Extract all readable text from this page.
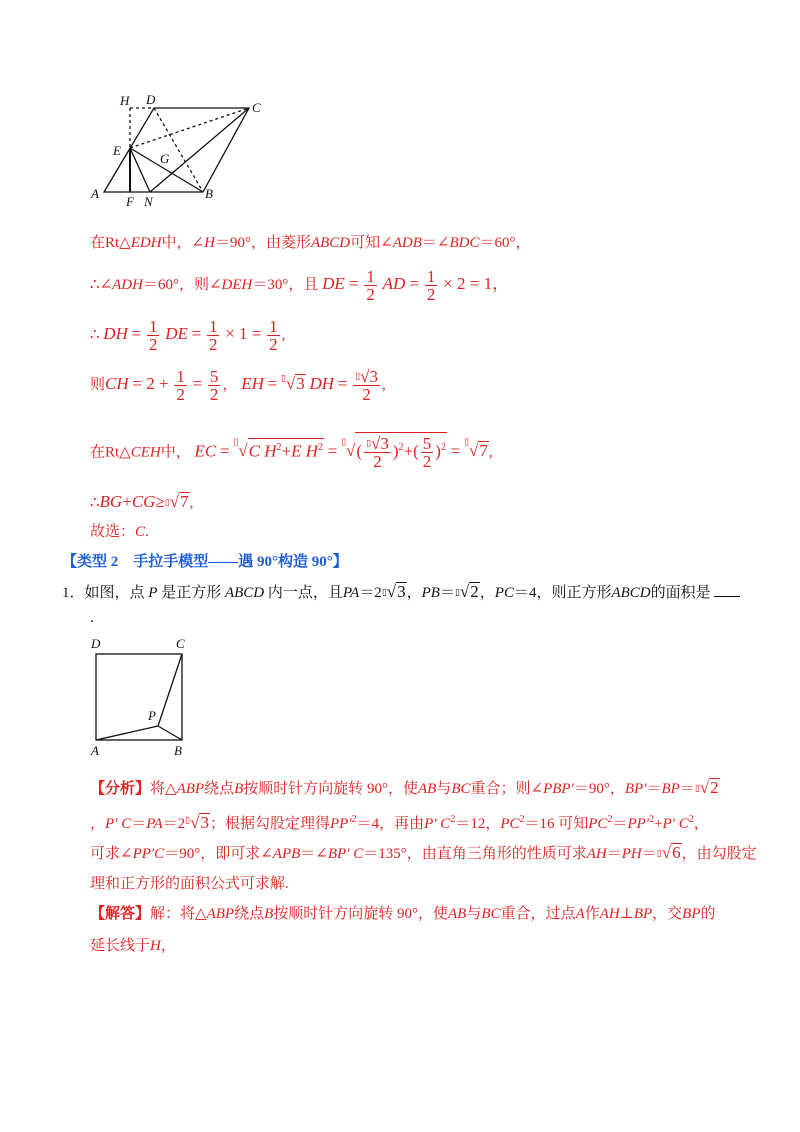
H D
C
E
G
A
F N
B
在Rt△EDH中，∠H＝90°，由菱形ABCD可知∠ADB＝∠BDC＝60°，
∴∠ADH＝60°，则∠DEH＝30°，且 DE = $\frac{1}{2}$ AD = $\frac{1}{2} \times 2 = 1$，
∴ DH = $\frac{1}{2}$ DE = $\frac{1}{2} \times 1 = \frac{1}{2}$ ,
则CH = $2 + \frac{1}{2} = \frac{5}{2}$ ， EH = ▯√3 DH = $\frac{^▯√3}{2}$ ,
在Rt△CEH中， EC = ▯√C $H^2+E$ $H^2 = ^▯√( \frac{^▯√3}{2} )^2+( \frac{5}{2} )^2 = ^▯√7$,
∴BG+CG≥▯√7,
故选：C.
【类型 2　手拉手模型——遇 90°构造 90°】
1．如图，点 P 是正方形 ABCD 内一点，且PA＝2▯√3，PB＝▯√2，PC＝4，则正方形ABCD的面积是
.
D	C
P
A	B
【分析】将△ABP绕点B按顺时针方向旋转 90°，使AB与BC重合；则∠PBP′＝90°，BP′＝BP＝▯√2
，P′ C＝PA＝2▯√3；根据勾股定理得$PP'^2=4$，再由P′ $C^2=12$，$PC^2=16$ 可知$PC^2=PP'^2+P'$ $C^2$，
可求∠PP′C＝90°，即可求∠APB＝∠BP′ C＝135°，由直角三角形的性质可求AH＝PH＝▯√6，由勾股定
理和正方形的面积公式可求解.
【解答】解：将△ABP绕点B按顺时针方向旋转 90°，使AB与BC重合，过点A作AH⊥BP，交BP的
延长线于H，
